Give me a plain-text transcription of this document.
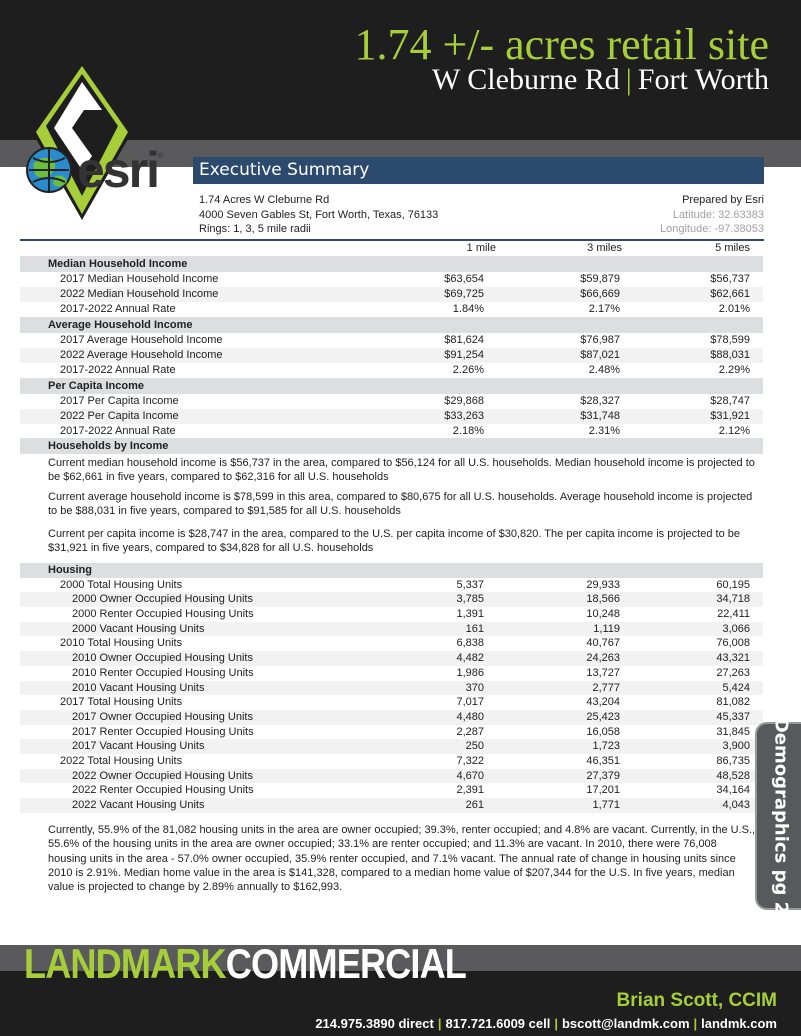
1.74 +/- acres retail site
W Cleburne Rd | Fort Worth
esri ®
Executive Summary
1.74 Acres W Cleburne Rd
4000 Seven Gables St, Fort Worth, Texas, 76133
Rings: 1, 3, 5 mile radii
Prepared by Esri
Latitude: 32.63383
Longitude: -97.38053
1 mile	3 miles	5 miles
Median Household Income
2017 Median Household Income	$63,654	$59,879	$56,737
2022 Median Household Income	$69,725	$66,669	$62,661
2017-2022 Annual Rate	1.84%	2.17%	2.01%
Average Household Income
2017 Average Household Income	$81,624	$76,987	$78,599
2022 Average Household Income	$91,254	$87,021	$88,031
2017-2022 Annual Rate	2.26%	2.48%	2.29%
Per Capita Income
2017 Per Capita Income	$29,868	$28,327	$28,747
2022 Per Capita Income	$33,263	$31,748	$31,921
2017-2022 Annual Rate	2.18%	2.31%	2.12%
Households by Income
Current median household income is $56,737 in the area, compared to $56,124 for all U.S. households. Median household income is projected to be $62,661 in five years, compared to $62,316 for all U.S. households
Current average household income is $78,599 in this area, compared to $80,675 for all U.S. households. Average household income is projected to be $88,031 in five years, compared to $91,585 for all U.S. households
Current per capita income is $28,747 in the area, compared to the U.S. per capita income of $30,820. The per capita income is projected to be $31,921 in five years, compared to $34,828 for all U.S. households
Housing
2000 Total Housing Units	5,337	29,933	60,195
2000 Owner Occupied Housing Units	3,785	18,566	34,718
2000 Renter Occupied Housing Units	1,391	10,248	22,411
2000 Vacant Housing Units	161	1,119	3,066
2010 Total Housing Units	6,838	40,767	76,008
2010 Owner Occupied Housing Units	4,482	24,263	43,321
2010 Renter Occupied Housing Units	1,986	13,727	27,263
2010 Vacant Housing Units	370	2,777	5,424
2017 Total Housing Units	7,017	43,204	81,082
2017 Owner Occupied Housing Units	4,480	25,423	45,337
2017 Renter Occupied Housing Units	2,287	16,058	31,845
2017 Vacant Housing Units	250	1,723	3,900
2022 Total Housing Units	7,322	46,351	86,735
2022 Owner Occupied Housing Units	4,670	27,379	48,528
2022 Renter Occupied Housing Units	2,391	17,201	34,164
2022 Vacant Housing Units	261	1,771	4,043
Currently, 55.9% of the 81,082 housing units in the area are owner occupied; 39.3%, renter occupied; and 4.8% are vacant. Currently, in the U.S., 55.6% of the housing units in the area are owner occupied; 33.1% are renter occupied; and 11.3% are vacant. In 2010, there were 76,008 housing units in the area - 57.0% owner occupied, 35.9% renter occupied, and 7.1% vacant. The annual rate of change in housing units since 2010 is 2.91%. Median home value in the area is $141,328, compared to a median home value of $207,344 for the U.S. In five years, median value is projected to change by 2.89% annually to $162,993.	Demographics pg 2
LANDMARKCOMMERCIAL
Brian Scott, CCIM
214.975.3890 direct | 817.721.6009 cell | bscott@landmk.com | landmk.com
